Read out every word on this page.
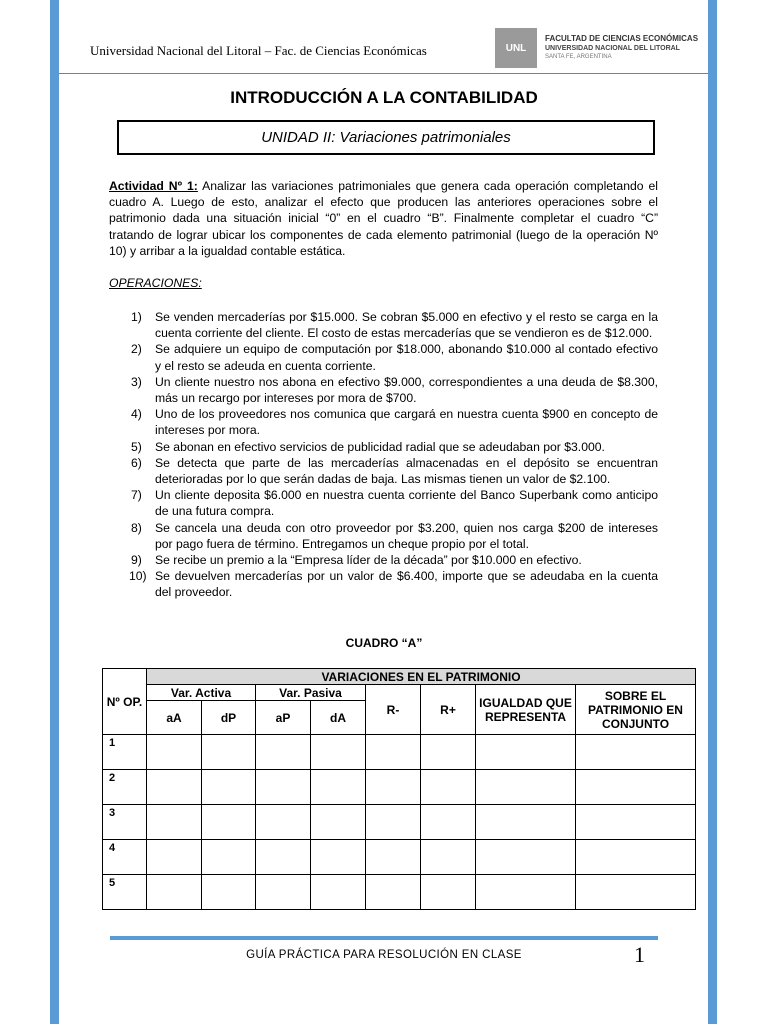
Universidad Nacional del Litoral – Fac. de Ciencias Económicas	UNL
FACULTAD DE CIENCIAS ECONÓMICAS
UNIVERSIDAD NACIONAL DEL LITORAL
SANTA FE, ARGENTINA
INTRODUCCIÓN A LA CONTABILIDAD
UNIDAD II: Variaciones patrimoniales

Actividad Nº 1: Analizar las variaciones patrimoniales que genera cada operación completando el cuadro A. Luego de esto, analizar el efecto que producen las anteriores operaciones sobre el patrimonio dada una situación inicial “0” en el cuadro “B”. Finalmente completar el cuadro “C” tratando de lograr ubicar los componentes de cada elemento patrimonial (luego de la operación Nº 10) y arribar a la igualdad contable estática.

OPERACIONES:
1) Se venden mercaderías por $15.000. Se cobran $5.000 en efectivo y el resto se carga en la cuenta corriente del cliente. El costo de estas mercaderías que se vendieron es de $12.000.
2) Se adquiere un equipo de computación por $18.000, abonando $10.000 al contado efectivo y el resto se adeuda en cuenta corriente.
3) Un cliente nuestro nos abona en efectivo $9.000, correspondientes a una deuda de $8.300, más un recargo por intereses por mora de $700.
4) Uno de los proveedores nos comunica que cargará en nuestra cuenta $900 en concepto de intereses por mora.
5) Se abonan en efectivo servicios de publicidad radial que se adeudaban por $3.000.
6) Se detecta que parte de las mercaderías almacenadas en el depósito se encuentran deterioradas por lo que serán dadas de baja. Las mismas tienen un valor de $2.100.
7) Un cliente deposita $6.000 en nuestra cuenta corriente del Banco Superbank como anticipo de una futura compra.
8) Se cancela una deuda con otro proveedor por $3.200, quien nos carga $200 de intereses por pago fuera de término. Entregamos un cheque propio por el total.
9) Se recibe un premio a la “Empresa líder de la década” por $10.000 en efectivo.
10) Se devuelven mercaderías por un valor de $6.400, importe que se adeudaba en la cuenta del proveedor.
CUADRO “A”
Nº OP.	VARIACIONES EN EL PATRIMONIO							
	Var. Activa		Var. Pasiva		R-	R+	IGUALDAD QUE REPRESENTA	SOBRE EL PATRIMONIO EN CONJUNTO
	aA	dP	aP	dA				
1								
2								
3								
4								
5								
GUÍA PRÁCTICA PARA RESOLUCIÓN EN CLASE	1
